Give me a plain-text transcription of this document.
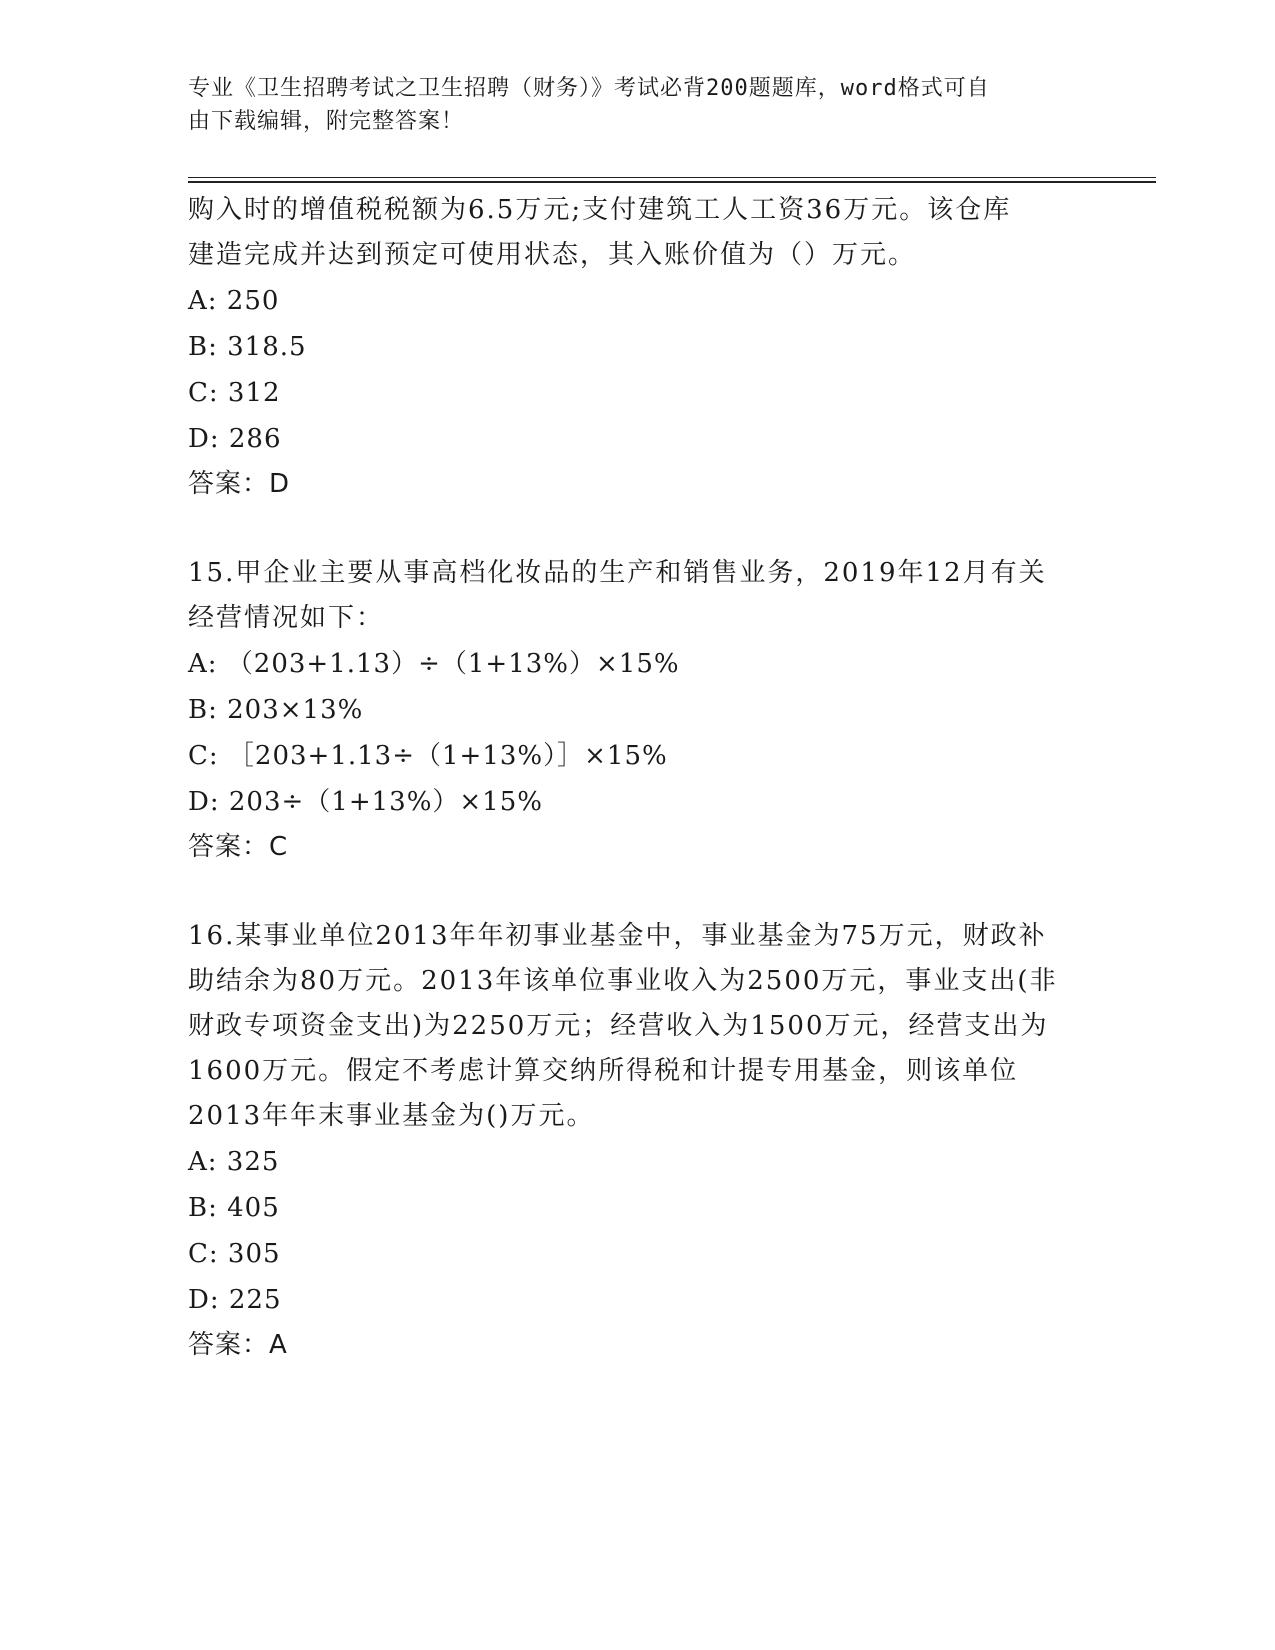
专业《卫生招聘考试之卫生招聘（财务）》考试必背200题题库，word格式可自
由下载编辑，附完整答案！

购入时的增值税税额为6.5万元;支付建筑工人工资36万元。该仓库

建造完成并达到预定可使用状态，其入账价值为（）万元。

A: 250

B: 318.5

C: 312

D: 286

答案：D

15.甲企业主要从事高档化妆品的生产和销售业务，2019年12月有关

经营情况如下：

A: （203+1.13）÷（1+13%）×15%

B: 203×13%

C: ［203+1.13÷（1+13%）］×15%

D: 203÷（1+13%）×15%

答案：C

16.某事业单位2013年年初事业基金中，事业基金为75万元，财政补

助结余为80万元。2013年该单位事业收入为2500万元，事业支出(非

财政专项资金支出)为2250万元；经营收入为1500万元，经营支出为

1600万元。假定不考虑计算交纳所得税和计提专用基金，则该单位

2013年年末事业基金为()万元。

A: 325

B: 405

C: 305

D: 225

答案：A
